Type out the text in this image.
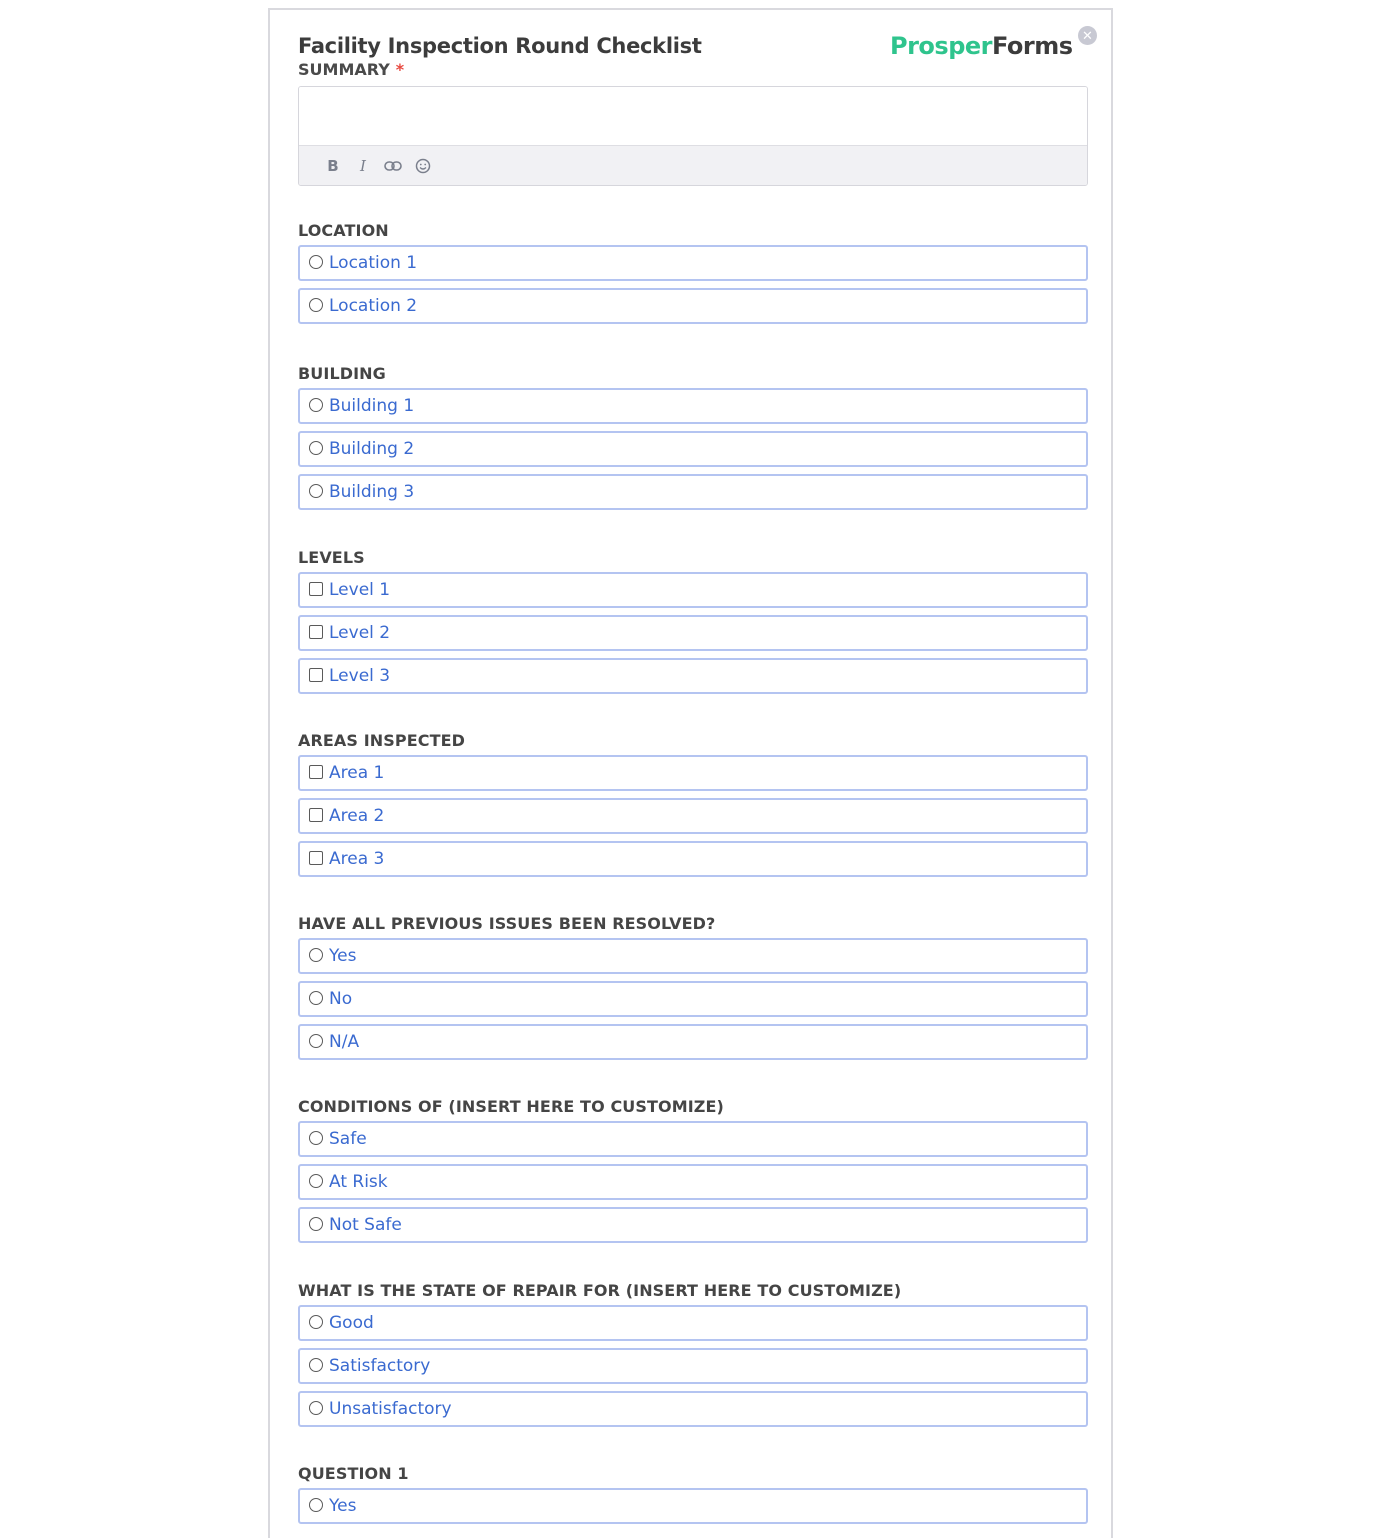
Facility Inspection Round Checklist	ProsperForms ✕
SUMMARY *
B	I
LOCATION
Location 1
Location 2
BUILDING
Building 1
Building 2
Building 3
LEVELS
Level 1
Level 2
Level 3
AREAS INSPECTED
Area 1
Area 2
Area 3
HAVE ALL PREVIOUS ISSUES BEEN RESOLVED?
Yes
No
N/A
CONDITIONS OF (INSERT HERE TO CUSTOMIZE)
Safe
At Risk
Not Safe
WHAT IS THE STATE OF REPAIR FOR (INSERT HERE TO CUSTOMIZE)
Good
Satisfactory
Unsatisfactory
QUESTION 1
Yes
